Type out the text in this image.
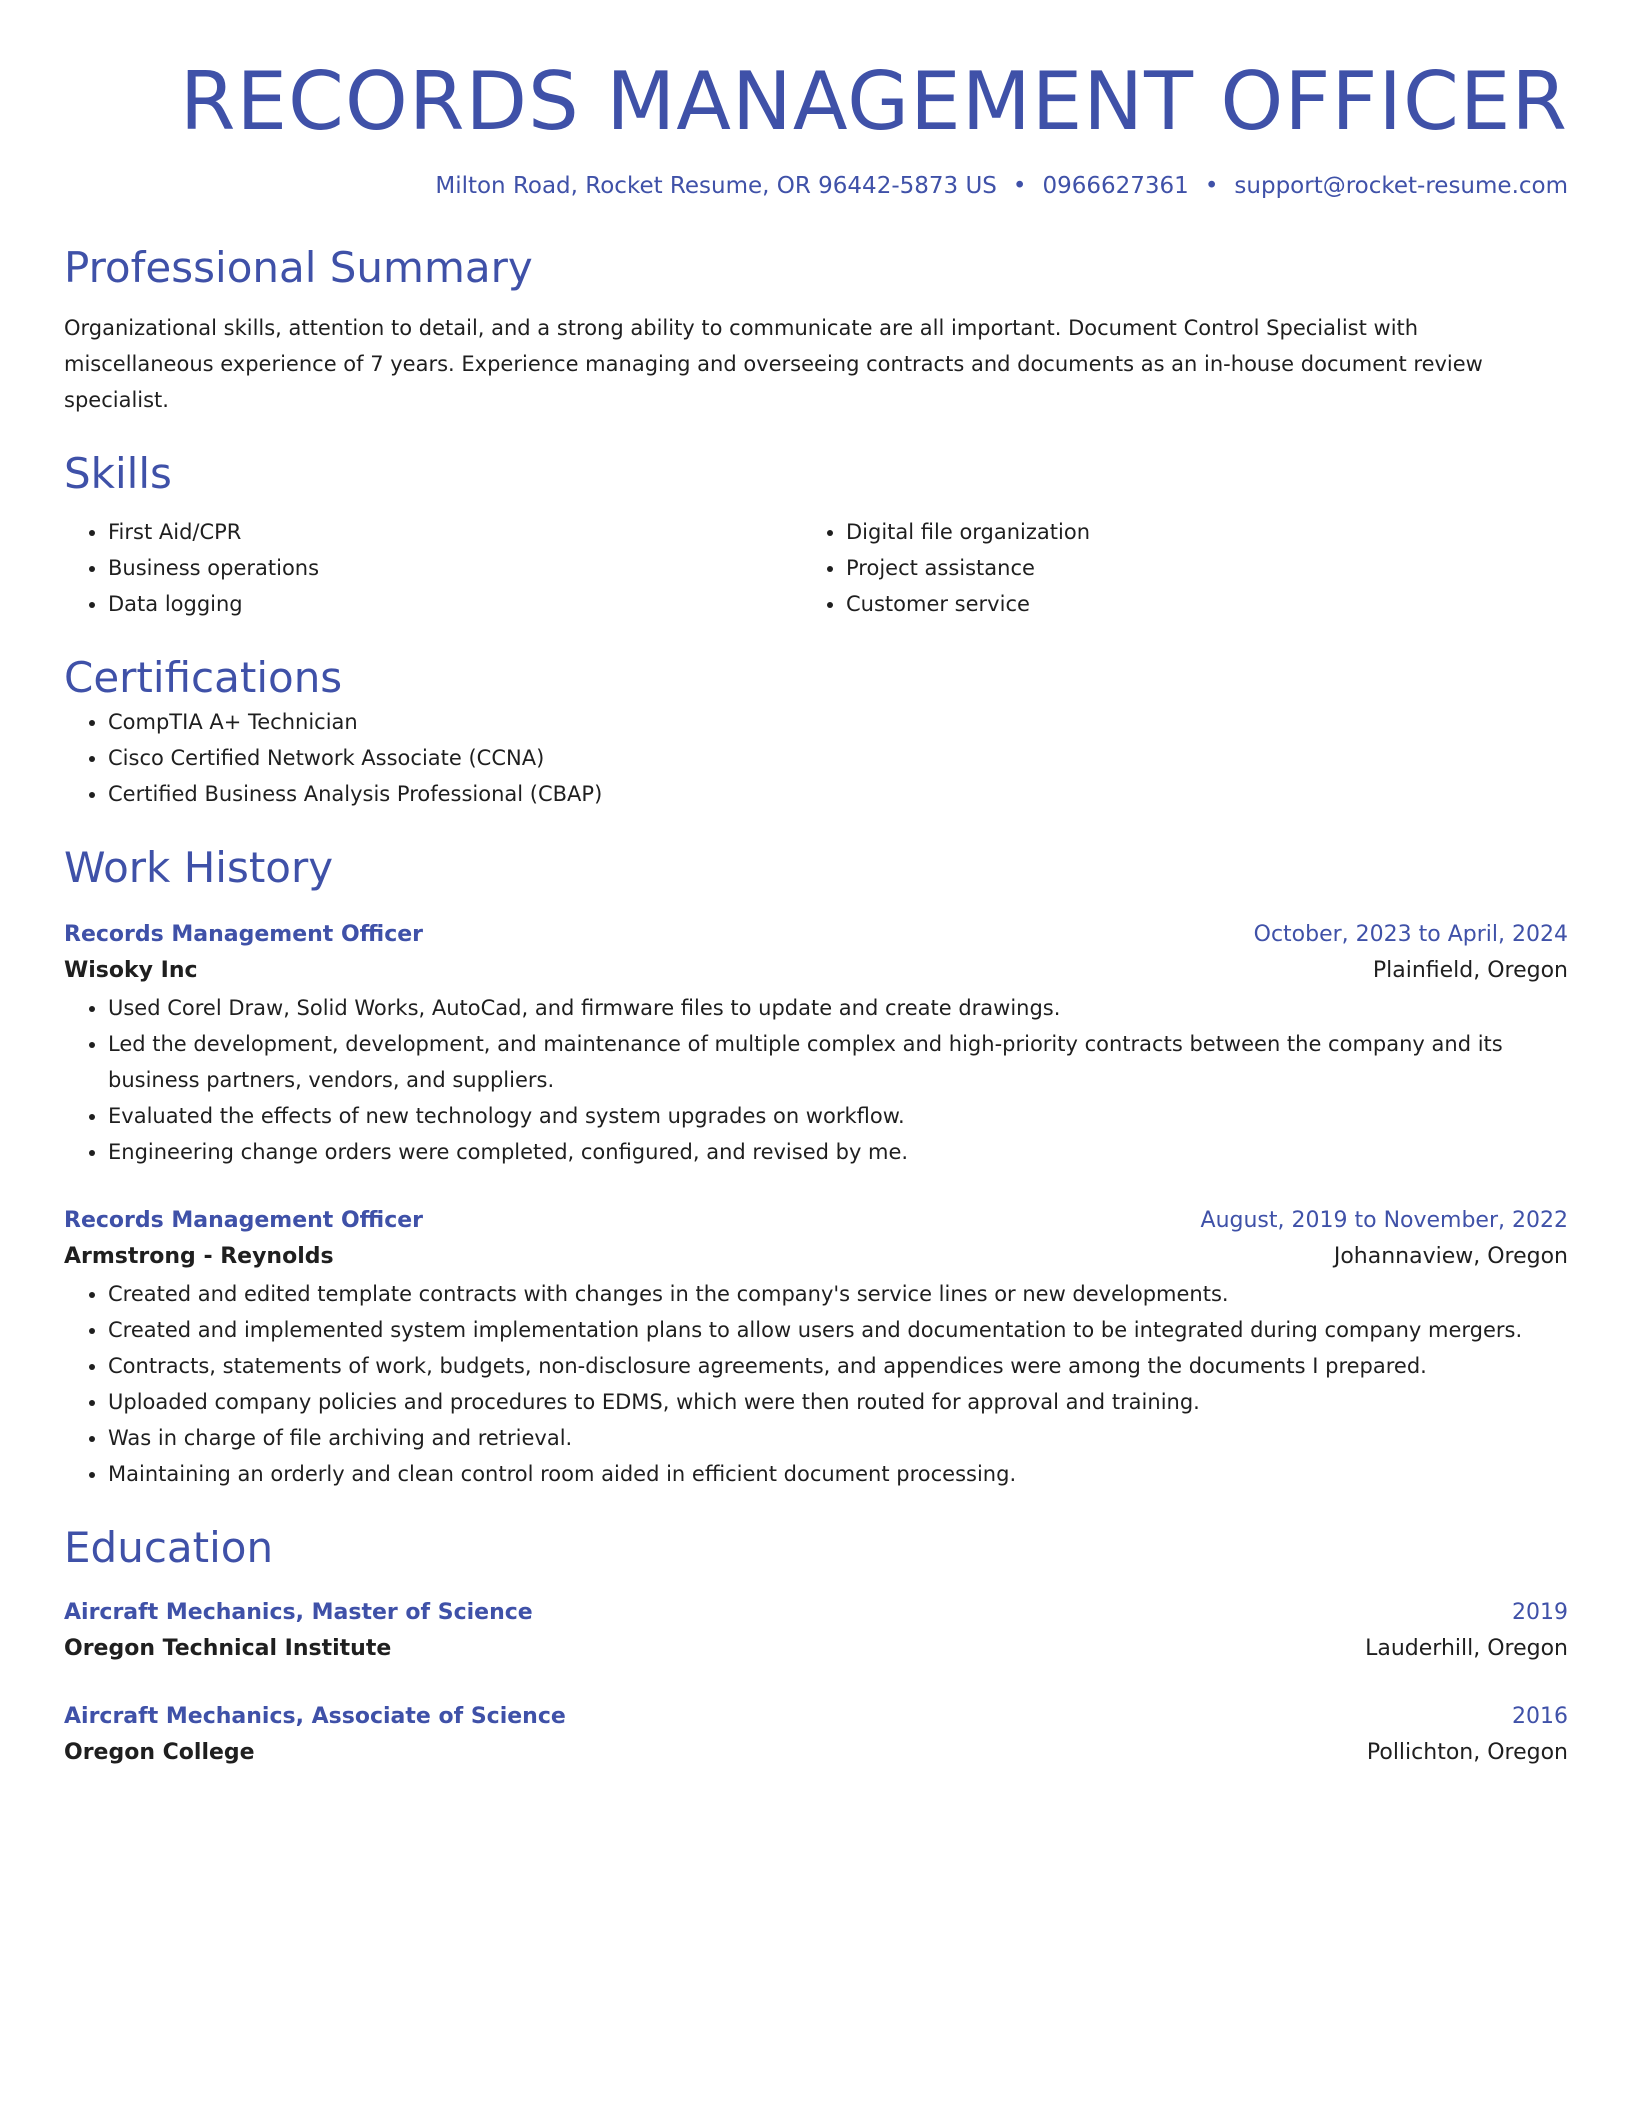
RECORDS MANAGEMENT OFFICER
Milton Road, Rocket Resume, OR 96442-5873 US • 0966627361 • support@rocket-resume.com
Professional Summary
Organizational skills, attention to detail, and a strong ability to communicate are all important. Document Control Specialist with miscellaneous experience of 7 years. Experience managing and overseeing contracts and documents as an in-house document review specialist.
Skills
• First Aid/CPR
• Business operations
• Data logging
• Digital file organization
• Project assistance
• Customer service
Certifications
• CompTIA A+ Technician
• Cisco Certified Network Associate (CCNA)
• Certified Business Analysis Professional (CBAP)
Work History
Records Management Officer	October, 2023 to April, 2024
Wisoky Inc	Plainfield, Oregon
• Used Corel Draw, Solid Works, AutoCad, and firmware files to update and create drawings.
• Led the development, development, and maintenance of multiple complex and high-priority contracts between the company and its business partners, vendors, and suppliers.
• Evaluated the effects of new technology and system upgrades on workflow.
• Engineering change orders were completed, configured, and revised by me.
Records Management Officer	August, 2019 to November, 2022
Armstrong - Reynolds	Johannaview, Oregon
• Created and edited template contracts with changes in the company's service lines or new developments.
• Created and implemented system implementation plans to allow users and documentation to be integrated during company mergers.
• Contracts, statements of work, budgets, non-disclosure agreements, and appendices were among the documents I prepared.
• Uploaded company policies and procedures to EDMS, which were then routed for approval and training.
• Was in charge of file archiving and retrieval.
• Maintaining an orderly and clean control room aided in efficient document processing.
Education
Aircraft Mechanics, Master of Science	2019
Oregon Technical Institute	Lauderhill, Oregon
Aircraft Mechanics, Associate of Science	2016
Oregon College	Pollichton, Oregon
